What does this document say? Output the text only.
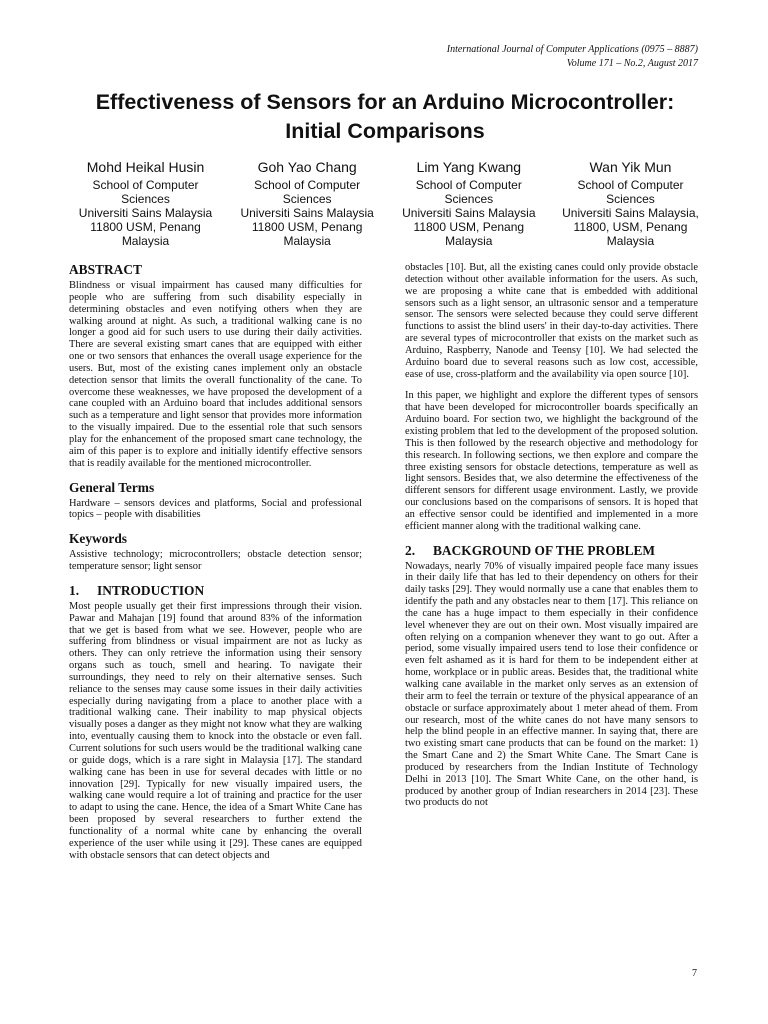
International Journal of Computer Applications (0975 – 8887)
Volume 171 – No.2, August 2017
Effectiveness of Sensors for an Arduino Microcontroller:
Initial Comparisons
Mohd Heikal Husin
School of Computer
Sciences
Universiti Sains Malaysia
11800 USM, Penang
Malaysia
Goh Yao Chang
School of Computer
Sciences
Universiti Sains Malaysia
11800 USM, Penang
Malaysia
Lim Yang Kwang
School of Computer
Sciences
Universiti Sains Malaysia
11800 USM, Penang
Malaysia
Wan Yik Mun
School of Computer
Sciences
Universiti Sains Malaysia,
11800, USM, Penang
Malaysia
ABSTRACT

Blindness or visual impairment has caused many difficulties for people who are suffering from such disability especially in determining obstacles and even notifying others when they are walking around at night. As such, a traditional walking cane is no longer a good aid for such users to use during their daily activities. There are several existing smart canes that are equipped with either one or two sensors that enhances the overall usage experience for the users. But, most of the existing canes implement only an obstacle detection sensor that limits the overall functionality of the cane. To overcome these weaknesses, we have proposed the development of a cane coupled with an Arduino board that includes additional sensors such as a temperature and light sensor that provides more information to the visually impaired. Due to the essential role that such sensors play for the enhancement of the proposed smart cane technology, the aim of this paper is to explore and initially identify effective sensors that is readily available for the mentioned microcontroller.

General Terms

Hardware – sensors devices and platforms, Social and professional topics – people with disabilities

Keywords

Assistive technology; microcontrollers; obstacle detection sensor; temperature sensor; light sensor

1.	INTRODUCTION

Most people usually get their first impressions through their vision. Pawar and Mahajan [19] found that around 83% of the information that we get is based from what we see. However, people who are suffering from blindness or visual impairment are not as lucky as others. They can only retrieve the information using their sensory organs such as touch, smell and hearing. To navigate their surroundings, they need to rely on their alternative senses. Such reliance to the senses may cause some issues in their daily activities especially during navigating from a place to another place with a traditional walking cane. Their inability to map physical objects visually poses a danger as they might not know what they are walking into, eventually causing them to knock into the obstacle or even fall. Current solutions for such users would be the traditional walking cane or guide dogs, which is a rare sight in Malaysia [17]. The standard walking cane has been in use for several decades with little or no innovation [29]. Typically for new visually impaired users, the walking cane would require a lot of training and practice for the user to adapt to using the cane. Hence, the idea of a Smart White Cane has been proposed by several researchers to further extend the functionality of a normal white cane by enhancing the overall experience of the user while using it [29]. These canes are equipped with obstacle sensors that can detect objects and

obstacles [10]. But, all the existing canes could only provide obstacle detection without other available information for the users. As such, we are proposing a white cane that is embedded with additional sensors such as a light sensor, an ultrasonic sensor and a temperature sensor. The sensors were selected because they could serve different functions to assist the blind users' in their day-to-day activities. There are several types of microcontroller that exists on the market such as Arduino, Raspberry, Nanode and Teensy [10]. We had selected the Arduino board due to several reasons such as low cost, accessible, ease of use, cross-platform and the availability via open source [10].

In this paper, we highlight and explore the different types of sensors that have been developed for microcontroller boards specifically an Arduino board. For section two, we highlight the background of the existing problem that led to the development of the proposed solution. This is then followed by the research objective and methodology for this research. In following sections, we then explore and compare the three existing sensors for obstacle detections, temperature as well as light sensors. Besides that, we also determine the effectiveness of the different sensors for different usage environment. Lastly, we provide our conclusions based on the comparisons of sensors. It is hoped that an effective sensor could be identified and implemented in a more efficient manner along with the traditional walking cane.

2.	BACKGROUND OF THE PROBLEM

Nowadays, nearly 70% of visually impaired people face many issues in their daily life that has led to their dependency on others for their daily tasks [29]. They would normally use a cane that enables them to identify the path and any obstacles near to them [17]. This reliance on the cane has a huge impact to them especially in their confidence level whenever they are out on their own. Most visually impaired are often relying on a companion whenever they want to go out. After a period, some visually impaired users tend to lose their confidence or even felt ashamed as it is hard for them to be independent either at home, workplace or in public areas. Besides that, the traditional white walking cane available in the market only serves as an extension of their arm to feel the terrain or texture of the physical appearance of an obstacle or surface approximately about 1 meter ahead of them. From our research, most of the white canes do not have many sensors to help the blind people in an effective manner. In saying that, there are two existing smart cane products that can be found on the market: 1) the Smart Cane and 2) the Smart White Cane. The Smart Cane is produced by researchers from the Indian Institute of Technology Delhi in 2013 [10]. The Smart White Cane, on the other hand, is produced by another group of Indian researchers in 2014 [23]. These two products do not

7
